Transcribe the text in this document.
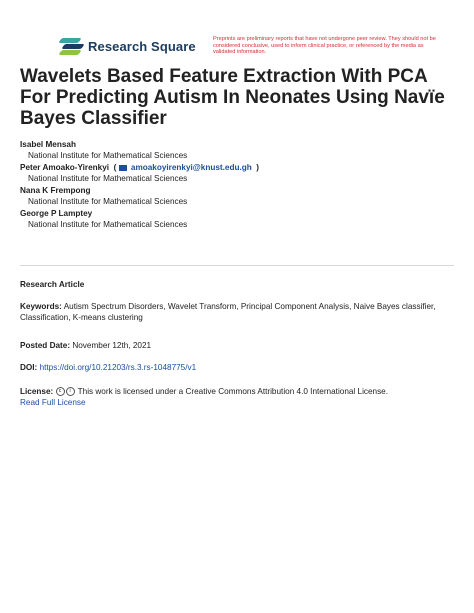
Research Square	Preprints are preliminary reports that have not undergone peer review. They should not be considered conclusive, used to inform clinical practice, or referenced by the media as validated information.
Wavelets Based Feature Extraction With PCA For Predicting Autism In Neonates Using Navïe Bayes Classifier
Isabel Mensah
National Institute for Mathematical Sciences
Peter Amoako-Yirenkyi  ( amoakoyirenkyi@knust.edu.gh  )
National Institute for Mathematical Sciences
Nana K Frempong
National Institute for Mathematical Sciences
George P Lamptey
National Institute for Mathematical Sciences
Research Article
Keywords: Autism Spectrum Disorders, Wavelet Transform, Principal Component Analysis, Naive Bayes classifier, Classification, K-means clustering
Posted Date: November 12th, 2021
DOI: https://doi.org/10.21203/rs.3.rs-1048775/v1
License: c i This work is licensed under a Creative Commons Attribution 4.0 International License.
Read Full License
